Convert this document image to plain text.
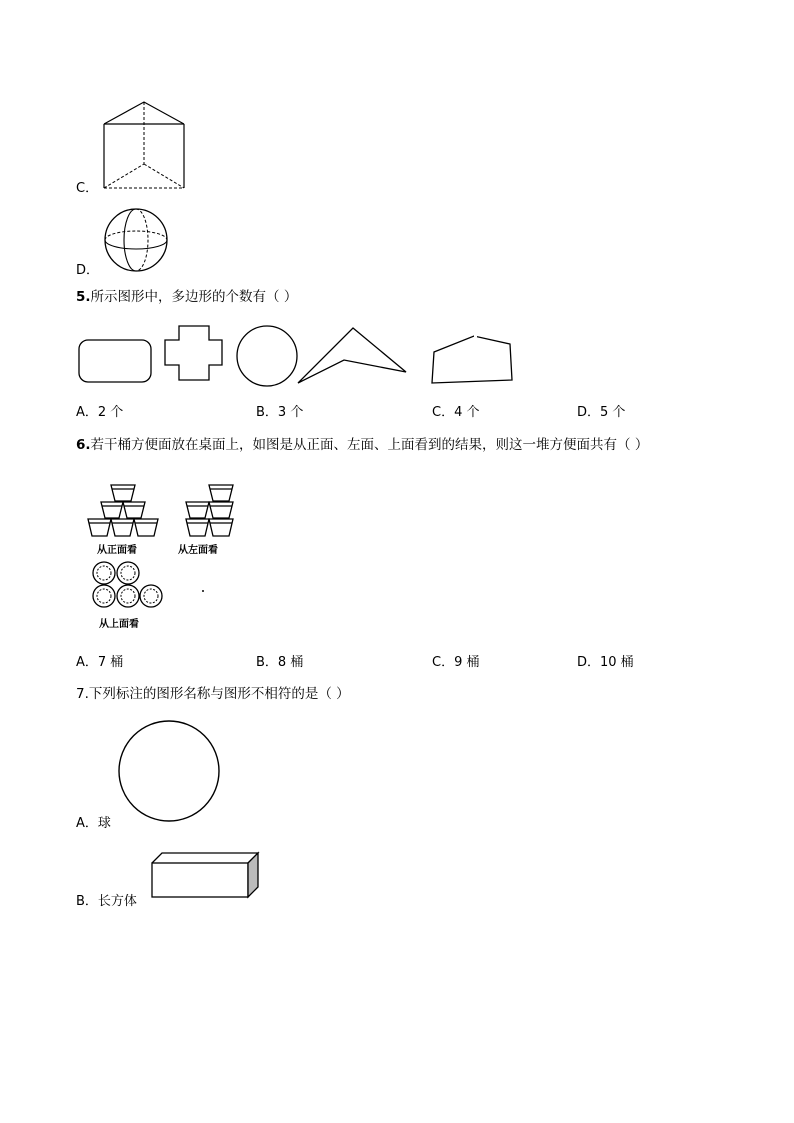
C．
D．
5.所示图形中，多边形的个数有（ ）
A．2 个	B．3 个	C．4 个	D．5 个
6.若干桶方便面放在桌面上，如图是从正面、左面、上面看到的结果，则这一堆方便面共有（ ）
从正面看	从左面看
从上面看
A．7 桶	B．8 桶	C．9 桶	D．10 桶
7.下列标注的图形名称与图形不相符的是（ ）
A．球
B．长方体
